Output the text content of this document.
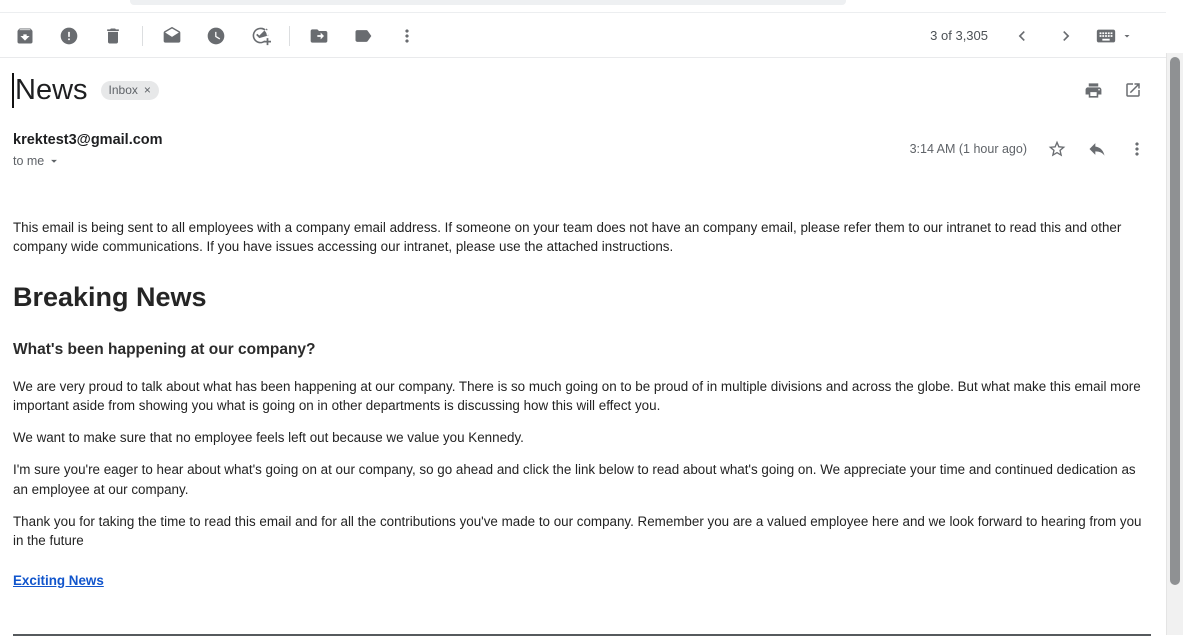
3 of 3,305
News Inbox ×
krektest3@gmail.com
to me
3:14 AM (1 hour ago)

This email is being sent to all employees with a company email address. If someone on your team does not have an company email, please refer them to our intranet to read this and other company wide communications. If you have issues accessing our intranet, please use the attached instructions.

Breaking News
What's been happening at our company?

We are very proud to talk about what has been happening at our company. There is so much going on to be proud of in multiple divisions and across the globe. But what make this email more important aside from showing you what is going on in other departments is discussing how this will effect you.

We want to make sure that no employee feels left out because we value you Kennedy.

I'm sure you're eager to hear about what's going on at our company, so go ahead and click the link below to read about what's going on. We appreciate your time and continued dedication as an employee at our company.

Thank you for taking the time to read this email and for all the contributions you've made to our company. Remember you are a valued employee here and we look forward to hearing from you in the future

Exciting News
